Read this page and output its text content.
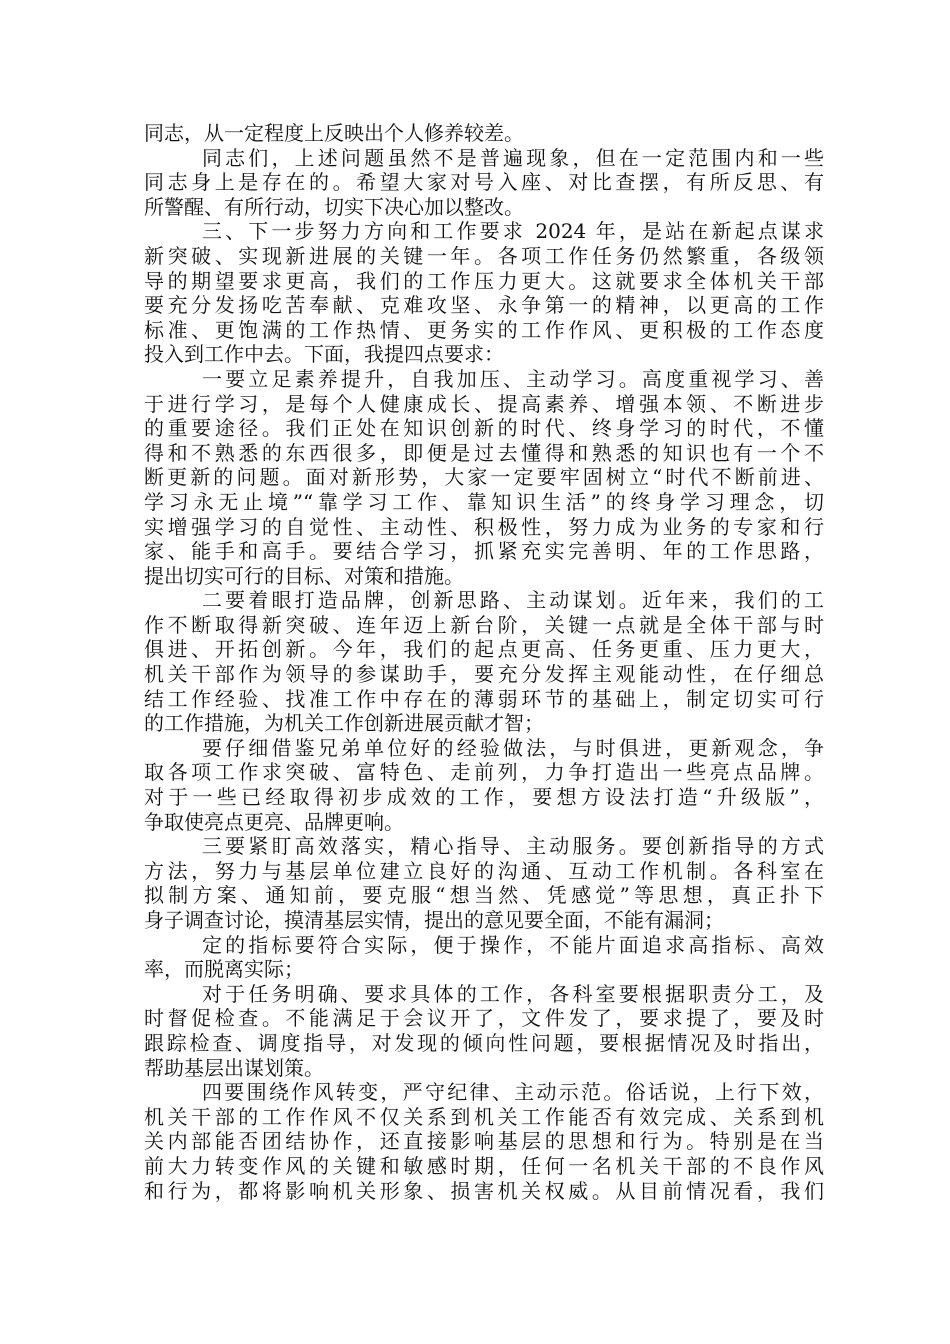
同志，从一定程度上反映出个人修养较差。
同志们，上述问题虽然不是普遍现象，但在一定范围内和一些
同志身上是存在的。希望大家对号入座、对比查摆，有所反思、有
所警醒、有所行动，切实下决心加以整改。
三、下一步努力方向和工作要求 2024 年，是站在新起点谋求
新突破、实现新进展的关键一年。各项工作任务仍然繁重，各级领
导的期望要求更高，我们的工作压力更大。这就要求全体机关干部
要充分发扬吃苦奉献、克难攻坚、永争第一的精神，以更高的工作
标准、更饱满的工作热情、更务实的工作作风、更积极的工作态度
投入到工作中去。下面，我提四点要求：
一要立足素养提升，自我加压、主动学习。高度重视学习、善
于进行学习，是每个人健康成长、提高素养、增强本领、不断进步
的重要途径。我们正处在知识创新的时代、终身学习的时代，不懂
得和不熟悉的东西很多，即便是过去懂得和熟悉的知识也有一个不
断更新的问题。面对新形势，大家一定要牢固树立“时代不断前进、
学习永无止境”“靠学习工作、靠知识生活”的终身学习理念，切
实增强学习的自觉性、主动性、积极性，努力成为业务的专家和行
家、能手和高手。要结合学习，抓紧充实完善明、年的工作思路，
提出切实可行的目标、对策和措施。
二要着眼打造品牌，创新思路、主动谋划。近年来，我们的工
作不断取得新突破、连年迈上新台阶，关键一点就是全体干部与时
俱进、开拓创新。今年，我们的起点更高、任务更重、压力更大，
机关干部作为领导的参谋助手，要充分发挥主观能动性，在仔细总
结工作经验、找准工作中存在的薄弱环节的基础上，制定切实可行
的工作措施，为机关工作创新进展贡献才智；
要仔细借鉴兄弟单位好的经验做法，与时俱进，更新观念，争
取各项工作求突破、富特色、走前列，力争打造出一些亮点品牌。
对于一些已经取得初步成效的工作，要想方设法打造“升级版”，
争取使亮点更亮、品牌更响。
三要紧盯高效落实，精心指导、主动服务。要创新指导的方式
方法，努力与基层单位建立良好的沟通、互动工作机制。各科室在
拟制方案、通知前，要克服“想当然、凭感觉”等思想，真正扑下
身子调查讨论，摸清基层实情，提出的意见要全面，不能有漏洞；
定的指标要符合实际，便于操作，不能片面追求高指标、高效
率，而脱离实际；
对于任务明确、要求具体的工作，各科室要根据职责分工，及
时督促检查。不能满足于会议开了，文件发了，要求提了，要及时
跟踪检查、调度指导，对发现的倾向性问题，要根据情况及时指出，
帮助基层出谋划策。
四要围绕作风转变，严守纪律、主动示范。俗话说，上行下效，
机关干部的工作作风不仅关系到机关工作能否有效完成、关系到机
关内部能否团结协作，还直接影响基层的思想和行为。特别是在当
前大力转变作风的关键和敏感时期，任何一名机关干部的不良作风
和行为，都将影响机关形象、损害机关权威。从目前情况看，我们
